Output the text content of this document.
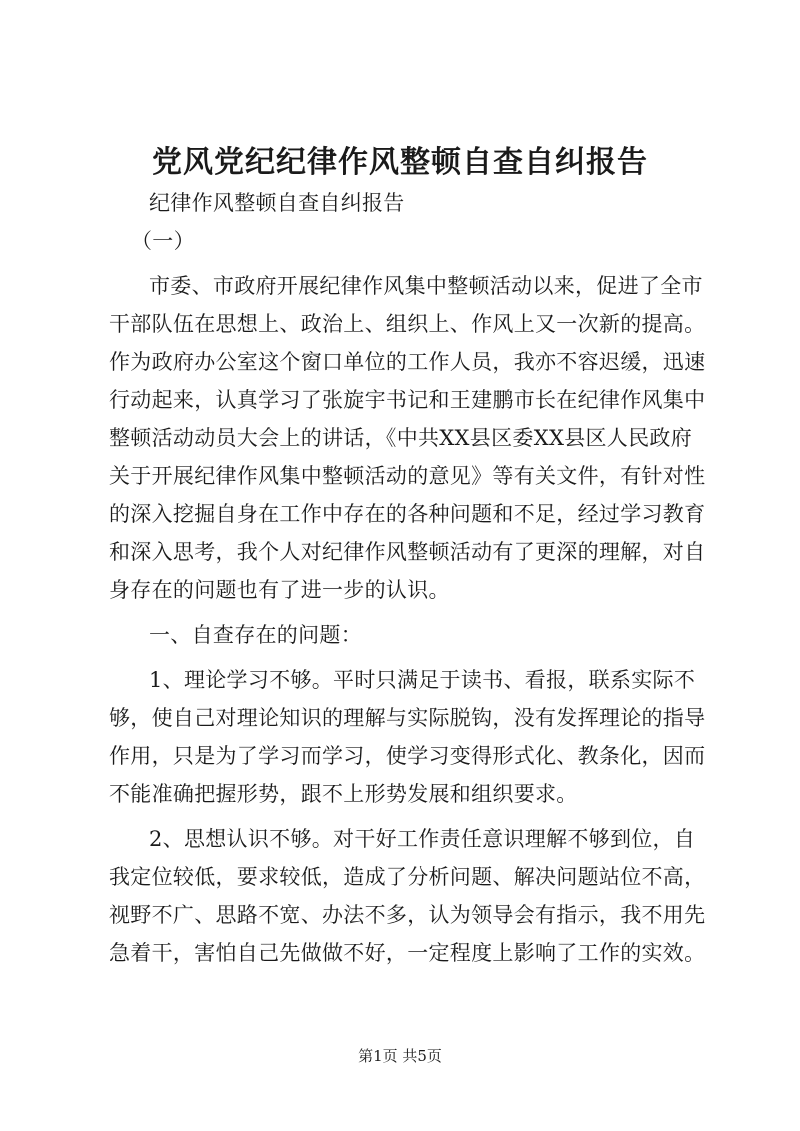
党风党纪纪律作风整顿自查自纠报告
纪律作风整顿自查自纠报告
（一）
市委、市政府开展纪律作风集中整顿活动以来，促进了全市
干部队伍在思想上、政治上、组织上、作风上又一次新的提高。
作为政府办公室这个窗口单位的工作人员，我亦不容迟缓，迅速
行动起来，认真学习了张旋宇书记和王建鹏市长在纪律作风集中
整顿活动动员大会上的讲话，《中共XX县区委XX县区人民政府
关于开展纪律作风集中整顿活动的意见》等有关文件，有针对性
的深入挖掘自身在工作中存在的各种问题和不足，经过学习教育
和深入思考，我个人对纪律作风整顿活动有了更深的理解，对自
身存在的问题也有了进一步的认识。
一、自查存在的问题：
1、理论学习不够。平时只满足于读书、看报，联系实际不
够，使自己对理论知识的理解与实际脱钩，没有发挥理论的指导
作用，只是为了学习而学习，使学习变得形式化、教条化，因而
不能准确把握形势，跟不上形势发展和组织要求。
2、思想认识不够。对干好工作责任意识理解不够到位，自
我定位较低，要求较低，造成了分析问题、解决问题站位不高，
视野不广、思路不宽、办法不多，认为领导会有指示，我不用先
急着干，害怕自己先做做不好，一定程度上影响了工作的实效。
第1页 共5页
